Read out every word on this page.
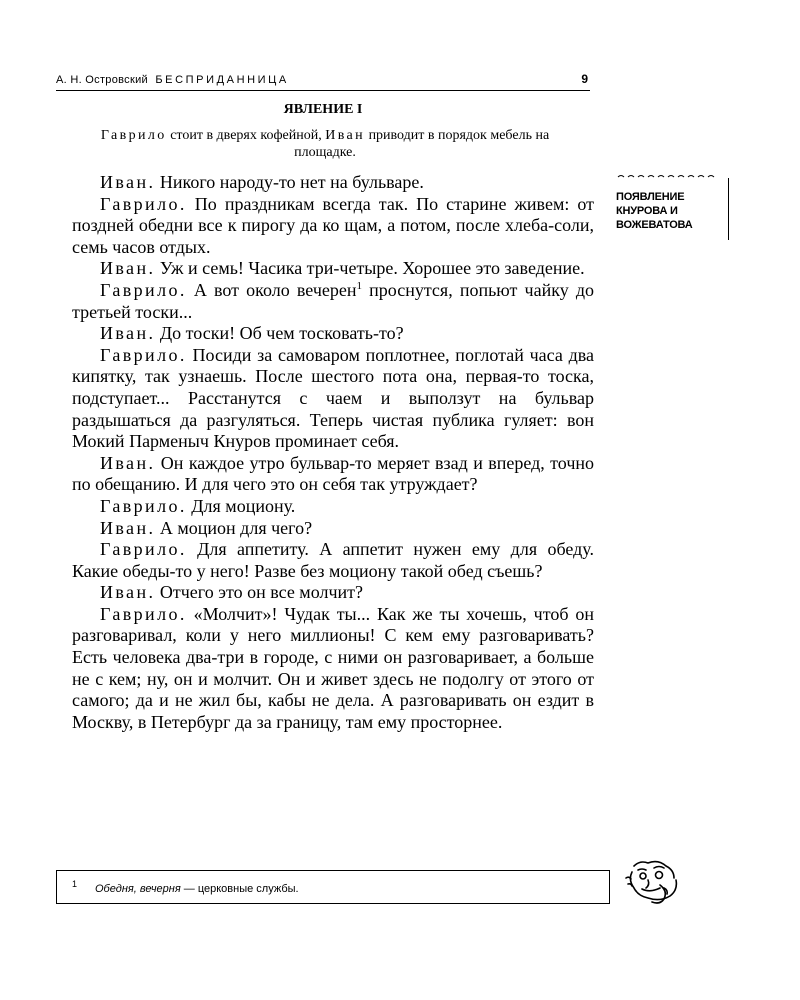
А. Н. Островский БЕСПРИДАННИЦА	9
ЯВЛЕНИЕ I
Гаврило стоит в дверях кофейной, Иван приводит в порядок мебель на площадке.

Иван. Никого народу-то нет на бульваре.

Гаврило. По праздникам всегда так. По старине живем: от поздней обедни все к пирогу да ко щам, а потом, после хлеба-соли, семь часов отдых.

Иван. Уж и семь! Часика три-четыре. Хорошее это заведение.

Гаврило. А вот около вечерен$^1$ проснутся, попьют чайку до третьей тоски...

Иван. До тоски! Об чем тосковать-то?

Гаврило. Посиди за самоваром поплотнее, поглотай часа два кипятку, так узнаешь. После шестого пота она, первая-то тоска, подступает... Расстанутся с чаем и выползут на бульвар раздышаться да разгуляться. Теперь чистая публика гуляет: вон Мокий Парменыч Кнуров проминает себя.

Иван. Он каждое утро бульвар-то меряет взад и вперед, точно по обещанию. И для чего это он себя так утруждает?

Гаврило. Для моциону.

Иван. А моцион для чего?

Гаврило. Для аппетиту. А аппетит нужен ему для обеду. Какие обеды-то у него! Разве без моциону такой обед съешь?

Иван. Отчего это он все молчит?

Гаврило. «Молчит»! Чудак ты... Как же ты хочешь, чтоб он разговаривал, коли у него миллионы! С кем ему разговаривать? Есть человека два-три в городе, с ними он разговаривает, а больше не с кем; ну, он и молчит. Он и живет здесь не подолгу от этого от самого; да и не жил бы, кабы не дела. А разговаривать он ездит в Москву, в Петербург да за границу, там ему просторнее.

ПОЯВЛЕНИЕ КНУРОВА И ВОЖЕВАТОВА
1 Обедня, вечерня — церковные службы.
